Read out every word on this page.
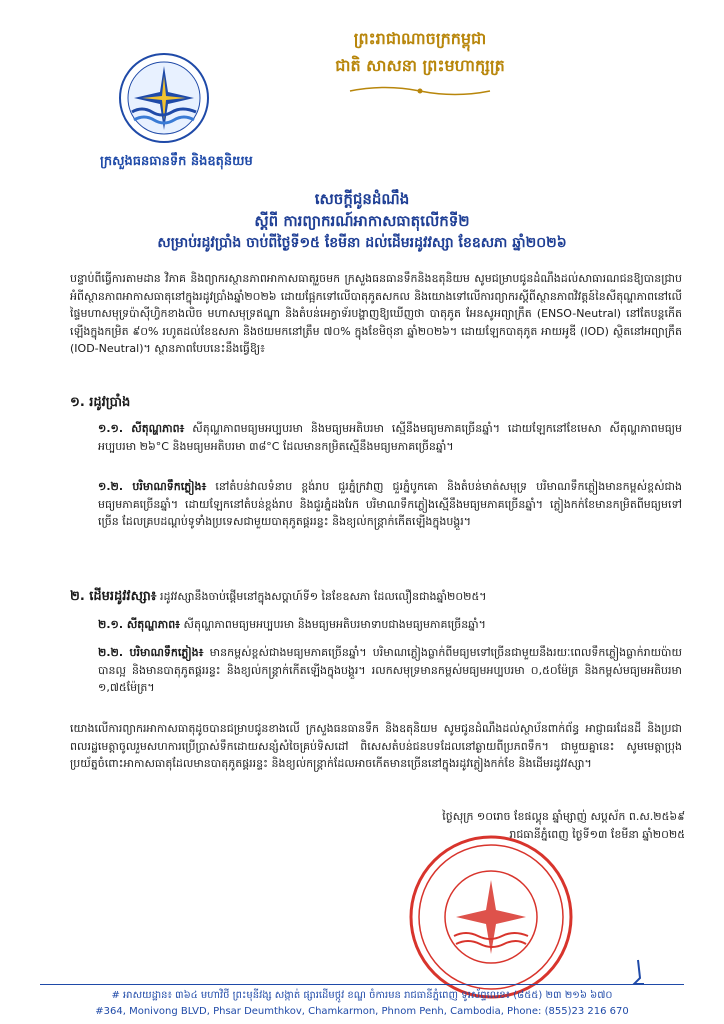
ក្រសួងធនធានទឹក និងឧតុនិយម
ព្រះរាជាណាចក្រកម្ពុជា
ជាតិ សាសនា ព្រះមហាក្សត្រ
សេចក្ដីជូនដំណឹង
ស្ដីពី ការព្យាករណ៍អាកាសធាតុលើកទី២
សម្រាប់រដូវប្រាំង ចាប់ពីថ្ងៃទី១៥ ខែមីនា ដល់ដើមរដូវវស្សា ខែឧសភា ឆ្នាំ២០២៦
បន្ទាប់ពីធ្វើការតាមដាន វិភាគ និងព្យាករស្ថានភាពអាកាសធាតុរួចមក ក្រសួងធនធានទឹកនិងឧតុនិយម សូមជម្រាបជូនដំណឹងដល់សាធារណជនឱ្យបានជ្រាបអំពីស្ថានភាពអាកាសធាតុនៅក្នុងរដូវប្រាំងឆ្នាំ២០២៦ ដោយផ្អែកទៅលើបាតុភូតសកល និងយោងទៅលើការព្យាករស្ដីពីស្ថានភាពវិវត្តន៍នៃសីតុណ្ហភាពនៅលើផ្ទៃមហាសមុទ្រប៉ាស៊ីហ្វិកខាងលិច មហាសមុទ្រឥណ្ឌា និងតំបន់អេក្វាទ័របង្ហាញឱ្យឃើញថា បាតុភូត អែនសូអព្យាក្រឹត (ENSO-Neutral) នៅតែបន្តកើតឡើងក្នុងកម្រិត ៩០% រហូតដល់ខែឧសភា និងថយមកនៅត្រឹម ៧០% ក្នុងខែមិថុនា ឆ្នាំ២០២៦។ ដោយឡែកបាតុភូត អាយអូឌី (IOD) ស្ថិតនៅអព្យាក្រឹត (IOD-Neutral)។ ស្ថានភាពបែបនេះនឹងធ្វើឱ្យ៖
១. រដូវប្រាំង
១.១. សីតុណ្ហភាព៖ សីតុណ្ហភាពមធ្យមអប្បបរមា និងមធ្យមអតិបរមា ស្មើនឹងមធ្យមភាគច្រើនឆ្នាំ។ ដោយឡែកនៅខែមេសា សីតុណ្ហភាពមធ្យមអប្បបរមា ២៦°C និងមធ្យមអតិបរមា ៣៨°C ដែលមានកម្រិតស្មើនឹងមធ្យមភាគច្រើនឆ្នាំ។
១.២. បរិមាណទឹកភ្លៀង៖ នៅតំបន់វាលទំនាប ខ្ពង់រាប ជួរភ្នំក្រវាញ ជួរភ្នំបូកគោ និងតំបន់មាត់សមុទ្រ បរិមាណទឹកភ្លៀងមានកម្ពស់ខ្ពស់ជាងមធ្យមភាគច្រើនឆ្នាំ។ ដោយឡែកនៅតំបន់ខ្ពង់រាប និងជួរភ្នំដងរែក បរិមាណទឹកភ្លៀងស្មើនឹងមធ្យមភាគច្រើនឆ្នាំ។ ភ្លៀងកក់ខែមានកម្រិតពីមធ្យមទៅច្រើន ដែលគ្របដណ្ដប់ទូទាំងប្រទេសជាមួយបាតុភូតផ្គររន្ទះ និងខ្យល់កន្ត្រាក់កើតឡើងក្នុងបង្គួរ។
២. ដើមរដូវវស្សា៖ រដូវវស្សានឹងចាប់ផ្ដើមនៅក្នុងសប្ដាហ៍ទី១ នៃខែឧសភា ដែលលឿនជាងឆ្នាំ២០២៥។
២.១. សីតុណ្ហភាព៖ សីតុណ្ហភាពមធ្យមអប្បបរមា និងមធ្យមអតិបរមាទាបជាងមធ្យមភាគច្រើនឆ្នាំ។
២.២. បរិមាណទឹកភ្លៀង៖ មានកម្ពស់ខ្ពស់ជាងមធ្យមភាគច្រើនឆ្នាំ។ បរិមាណភ្លៀងធ្លាក់ពីមធ្យមទៅច្រើនជាមួយនឹងរយៈពេលទឹកភ្លៀងធ្លាក់រាយប៉ាយបានល្អ និងមានបាតុភូតផ្គររន្ទះ និងខ្យល់កន្ត្រាក់កើតឡើងក្នុងបង្គួរ។ រលកសមុទ្រមានកម្ពស់មធ្យមអប្បបរមា ០,៥០ម៉ែត្រ និងកម្ពស់មធ្យមអតិបរមា ១,៧៥ម៉ែត្រ។
យោងលើការព្យាករអាកាសធាតុដូចបានជម្រាបជូនខាងលើ ក្រសួងធនធានទឹក និងឧតុនិយម សូមជូនដំណឹងដល់ស្ថាប័នពាក់ព័ន្ធ អាជ្ញាធរដែនដី និងប្រជាពលរដ្ឋមេត្តាចូលរួមសហការប្រើប្រាស់ទឹកដោយសន្សំសំចៃគ្រប់ទិសដៅ ពិសេសតំបន់ជនបទដែលនៅឆ្ងាយពីប្រភពទឹក។ ជាមួយគ្នានេះ សូមមេត្តាប្រុងប្រយ័ត្នចំពោះអាកាសធាតុដែលមានបាតុភូតផ្គររន្ទះ និងខ្យល់កន្ត្រាក់ដែលអាចកើតមានច្រើននៅក្នុងរដូវភ្លៀងកក់ខែ និងដើមរដូវវស្សា។
ថ្ងៃសុក្រ ១០រោច ខែផល្គុន ឆ្នាំម្សាញ់ សប្តស័ក ព.ស.២៥៦៩
រាជធានីភ្នំពេញ ថ្ងៃទី១៣ ខែមីនា ឆ្នាំ២០២៥
# អាសយដ្ឋាន៖ ៣៦៤ មហាវិថី ព្រះមុនីវង្ស សង្កាត់ ផ្សារដើមថ្កូវ ខណ្ឌ ចំការមន រាជធានីភ្នំពេញ ទូរស័ព្ទលេខ៖ (៨៥៥) ២៣ ២១៦ ៦៧០
#364, Monivong BLVD, Phsar Deumthkov, Chamkarmon, Phnom Penh, Cambodia, Phone: (855)23 216 670
